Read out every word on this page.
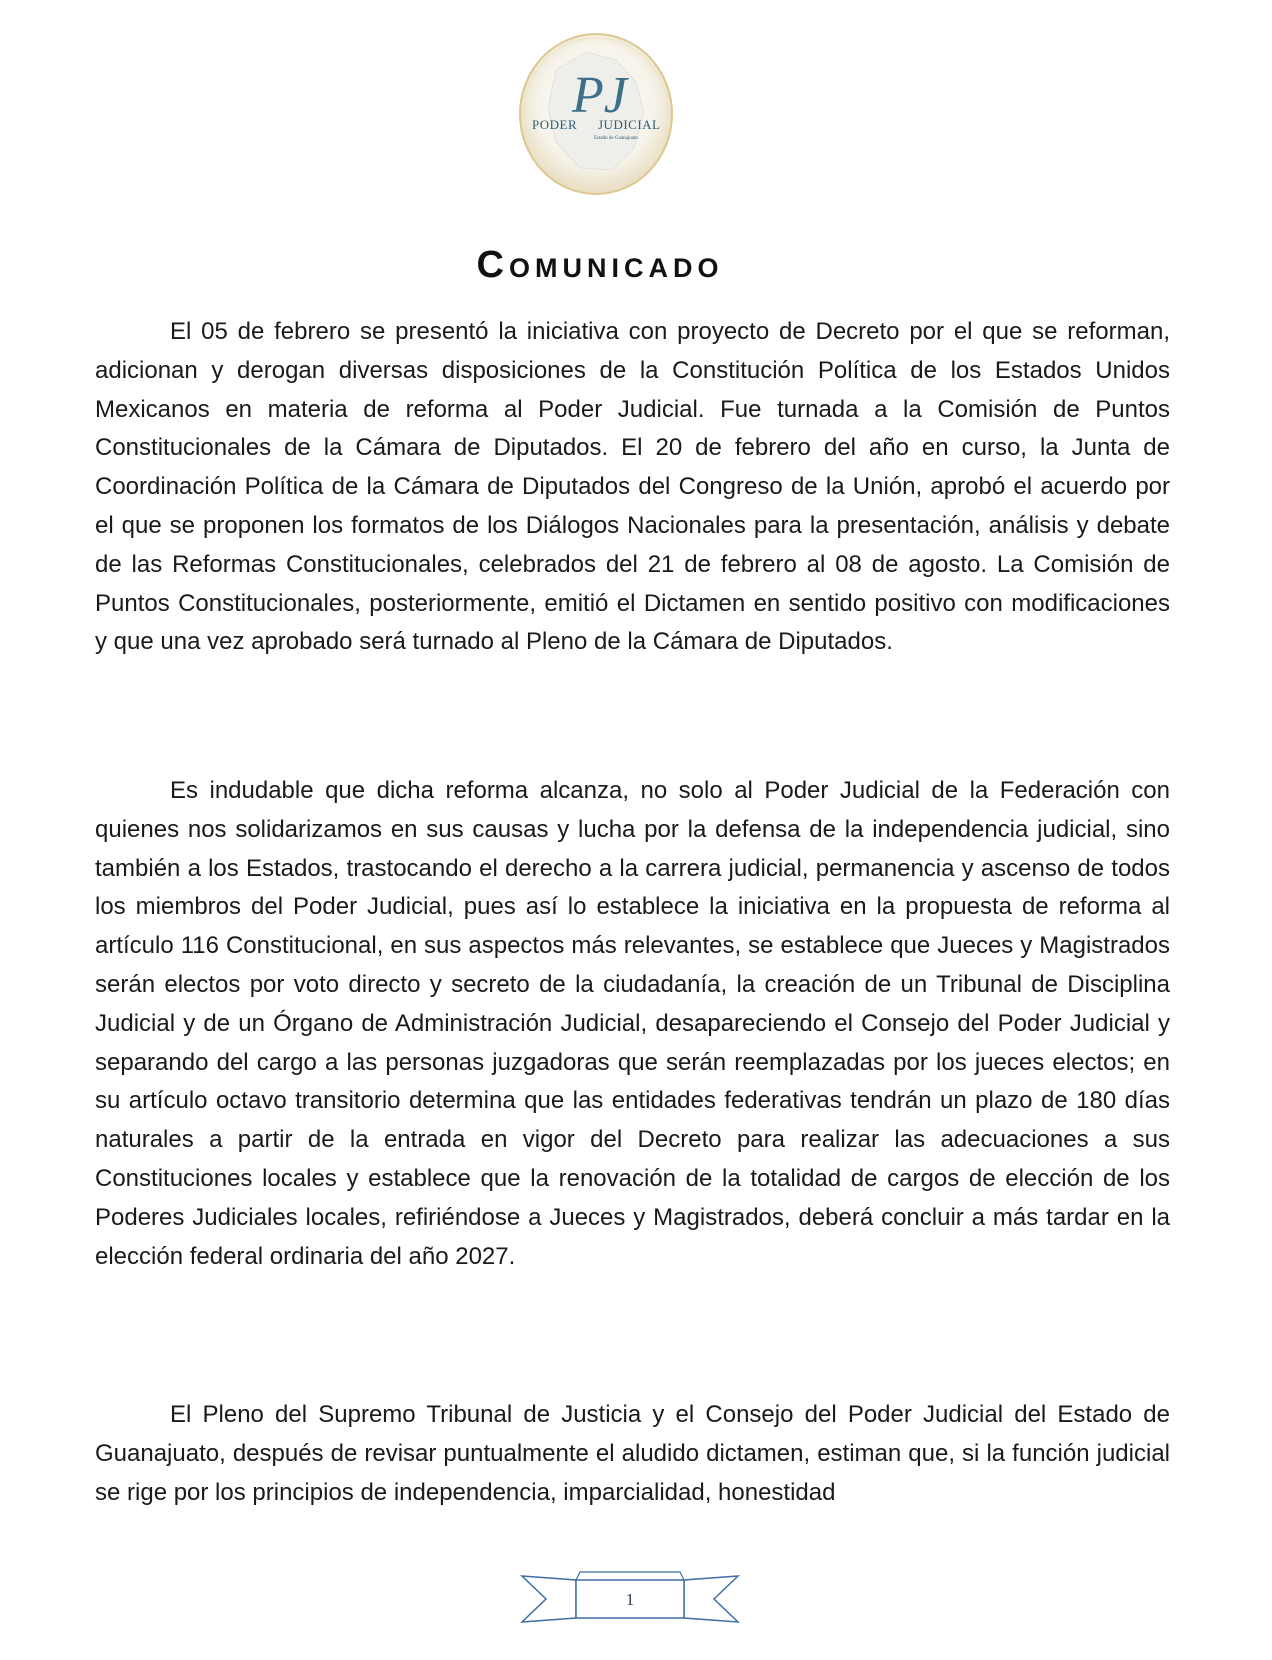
PJ
PODER JUDICIAL
Estado de Guanajuato
COMUNICADO

El 05 de febrero se presentó la iniciativa con proyecto de Decreto por el que se reforman, adicionan y derogan diversas disposiciones de la Constitución Política de los Estados Unidos Mexicanos en materia de reforma al Poder Judicial. Fue turnada a la Comisión de Puntos Constitucionales de la Cámara de Diputados. El 20 de febrero del año en curso, la Junta de Coordinación Política de la Cámara de Diputados del Congreso de la Unión, aprobó el acuerdo por el que se proponen los formatos de los Diálogos Nacionales para la presentación, análisis y debate de las Reformas Constitucionales, celebrados del 21 de febrero al 08 de agosto. La Comisión de Puntos Constitucionales, posteriormente, emitió el Dictamen en sentido positivo con modificaciones y que una vez aprobado será turnado al Pleno de la Cámara de Diputados.

Es indudable que dicha reforma alcanza, no solo al Poder Judicial de la Federación con quienes nos solidarizamos en sus causas y lucha por la defensa de la independencia judicial, sino también a los Estados, trastocando el derecho a la carrera judicial, permanencia y ascenso de todos los miembros del Poder Judicial, pues así lo establece la iniciativa en la propuesta de reforma al artículo 116 Constitucional, en sus aspectos más relevantes, se establece que Jueces y Magistrados serán electos por voto directo y secreto de la ciudadanía, la creación de un Tribunal de Disciplina Judicial y de un Órgano de Administración Judicial, desapareciendo el Consejo del Poder Judicial y separando del cargo a las personas juzgadoras que serán reemplazadas por los jueces electos; en su artículo octavo transitorio determina que las entidades federativas tendrán un plazo de 180 días naturales a partir de la entrada en vigor del Decreto para realizar las adecuaciones a sus Constituciones locales y establece que la renovación de la totalidad de cargos de elección de los Poderes Judiciales locales, refiriéndose a Jueces y Magistrados, deberá concluir a más tardar en la elección federal ordinaria del año 2027.

El Pleno del Supremo Tribunal de Justicia y el Consejo del Poder Judicial del Estado de Guanajuato, después de revisar puntualmente el aludido dictamen, estiman que, si la función judicial se rige por los principios de independencia, imparcialidad, honestidad

1
